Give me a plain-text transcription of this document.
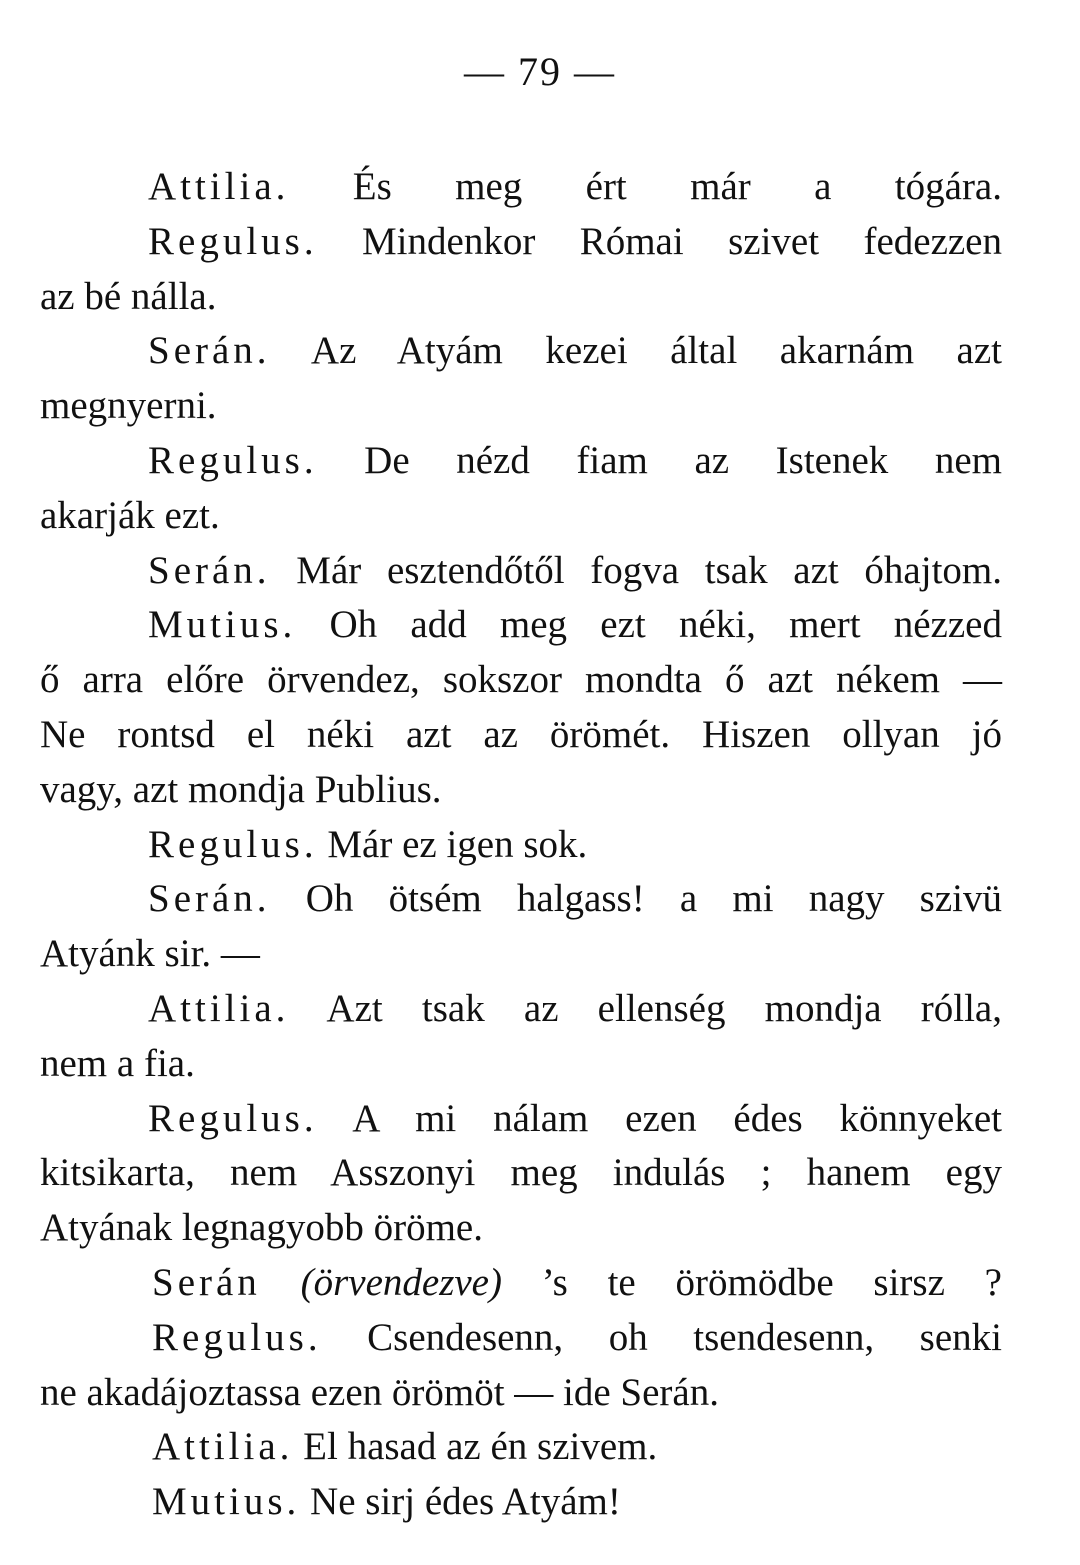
— 79 —
Attilia. És meg ért már a tógára.
Regulus. Mindenkor Római szivet fedezzen
az bé nálla.
Serán. Az Atyám kezei által akarnám azt
megnyerni.
Regulus. De nézd fiam az Istenek nem
akarják ezt.
Serán. Már esztendőtől fogva tsak azt óhajtom.
Mutius. Oh add meg ezt néki, mert nézzed
ő arra előre örvendez, sokszor mondta ő azt nékem —
Ne rontsd el néki azt az örömét. Hiszen ollyan jó
vagy, azt mondja Publius.
Regulus. Már ez igen sok.
Serán. Oh ötsém halgass! a mi nagy szivü
Atyánk sir. —
Attilia. Azt tsak az ellenség mondja rólla,
nem a fia.
Regulus. A mi nálam ezen édes könnyeket
kitsikarta, nem Asszonyi meg indulás ; hanem egy
Atyának legnagyobb öröme.
Serán (örvendezve) ’s te örömödbe sirsz ?
Regulus. Csendesenn, oh tsendesenn, senki
ne akadájoztassa ezen örömöt — ide Serán.
Attilia. El hasad az én szivem.
Mutius. Ne sirj édes Atyám!
